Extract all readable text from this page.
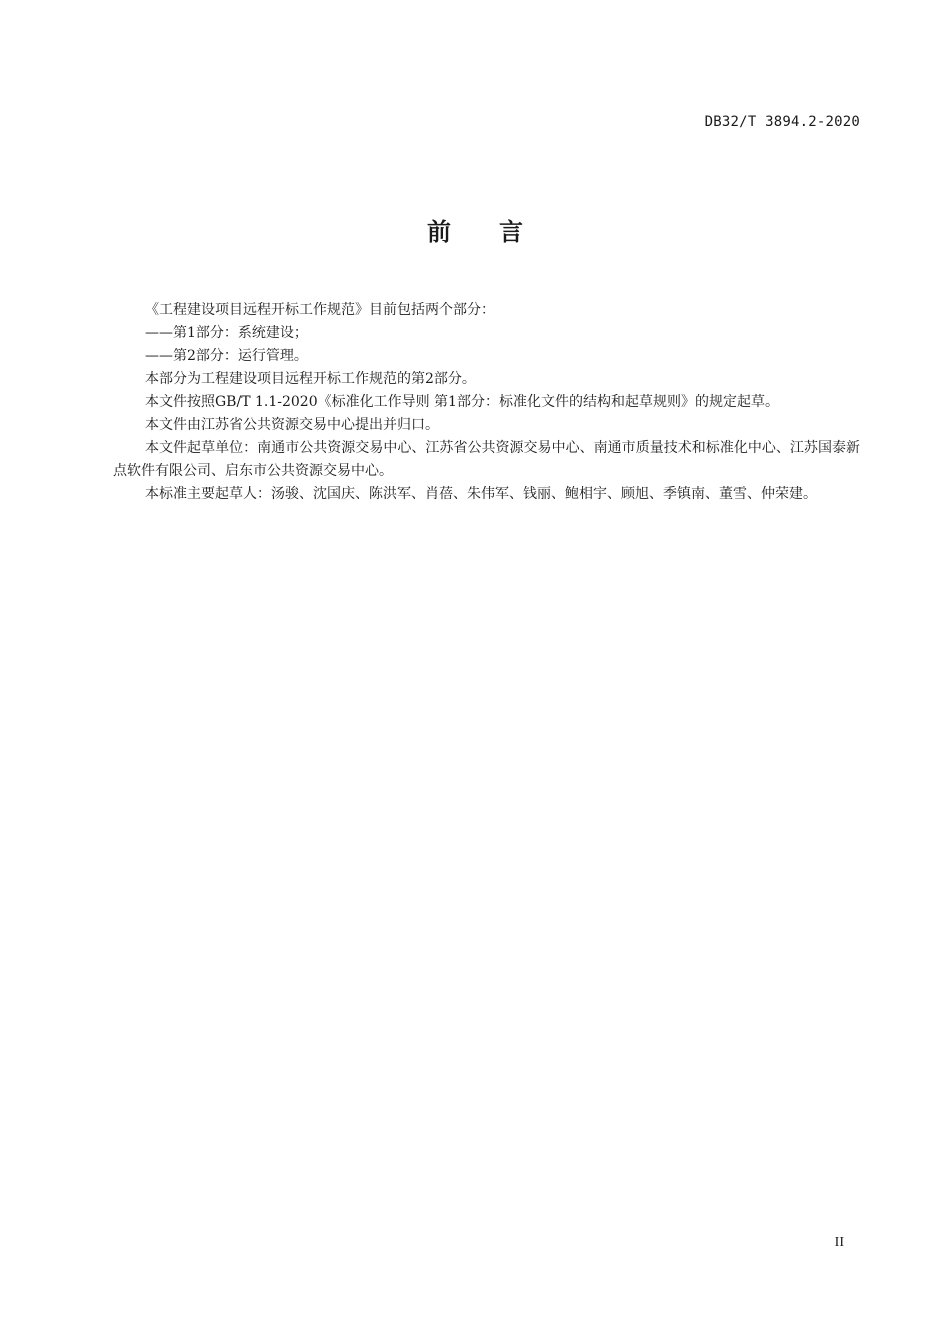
DB32/T 3894.2-2020
前言

《工程建设项目远程开标工作规范》目前包括两个部分：

——第1部分：系统建设；

——第2部分：运行管理。

本部分为工程建设项目远程开标工作规范的第2部分。

本文件按照GB/T 1.1-2020《标准化工作导则 第1部分：标准化文件的结构和起草规则》的规定起草。

本文件由江苏省公共资源交易中心提出并归口。

本文件起草单位：南通市公共资源交易中心、江苏省公共资源交易中心、南通市质量技术和标准化中心、江苏国泰新点软件有限公司、启东市公共资源交易中心。

本标准主要起草人：汤骏、沈国庆、陈洪军、肖蓓、朱伟军、钱丽、鲍相宇、顾旭、季镇南、董雪、仲荣建。

II
